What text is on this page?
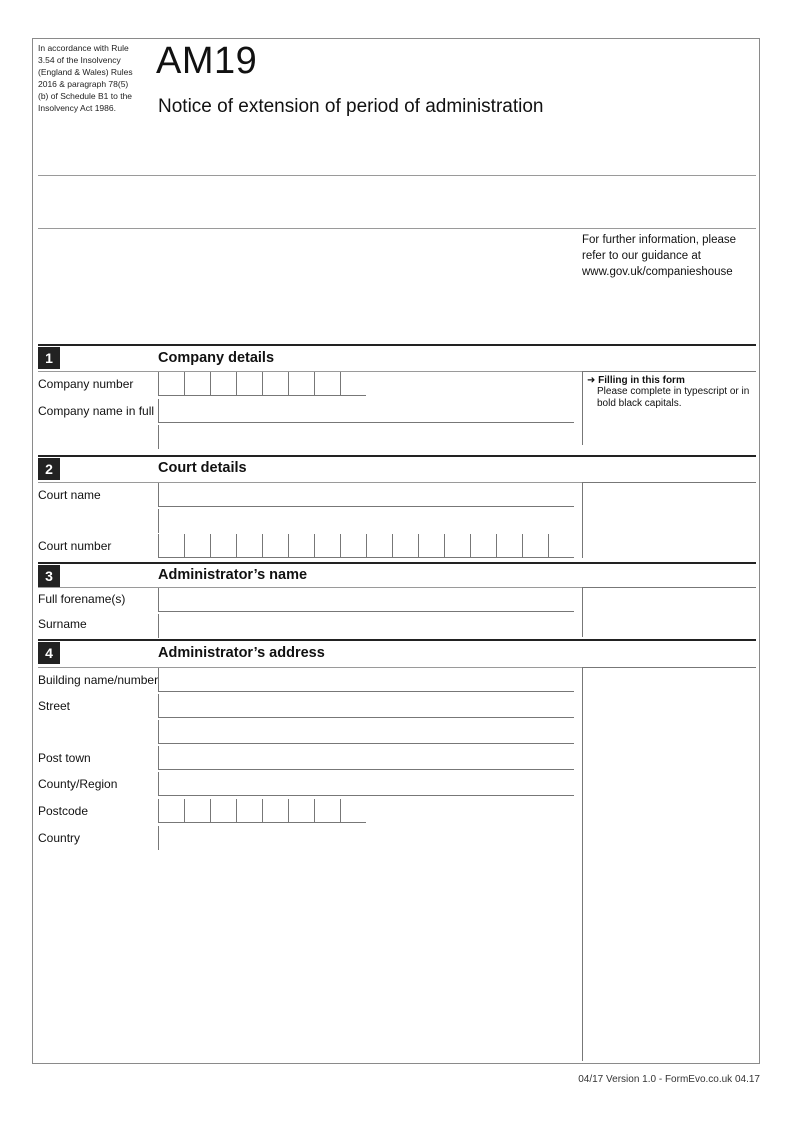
In accordance with Rule 3.54 of the Insolvency (England & Wales) Rules 2016 & paragraph 78(5)(b) of Schedule B1 to the Insolvency Act 1986.
AM19
Notice of extension of period of administration
For further information, please refer to our guidance at www.gov.uk/companieshouse
1	Company details
Company number
Company name in full
➜ Filling in this form
Please complete in typescript or in bold black capitals.
2	Court details
Court name
Court number
3	Administrator’s name
Full forename(s)
Surname
4	Administrator’s address
Building name/number
Street
Post town
County/Region
Postcode
Country
04/17 Version 1.0 - FormEvo.co.uk 04.17
